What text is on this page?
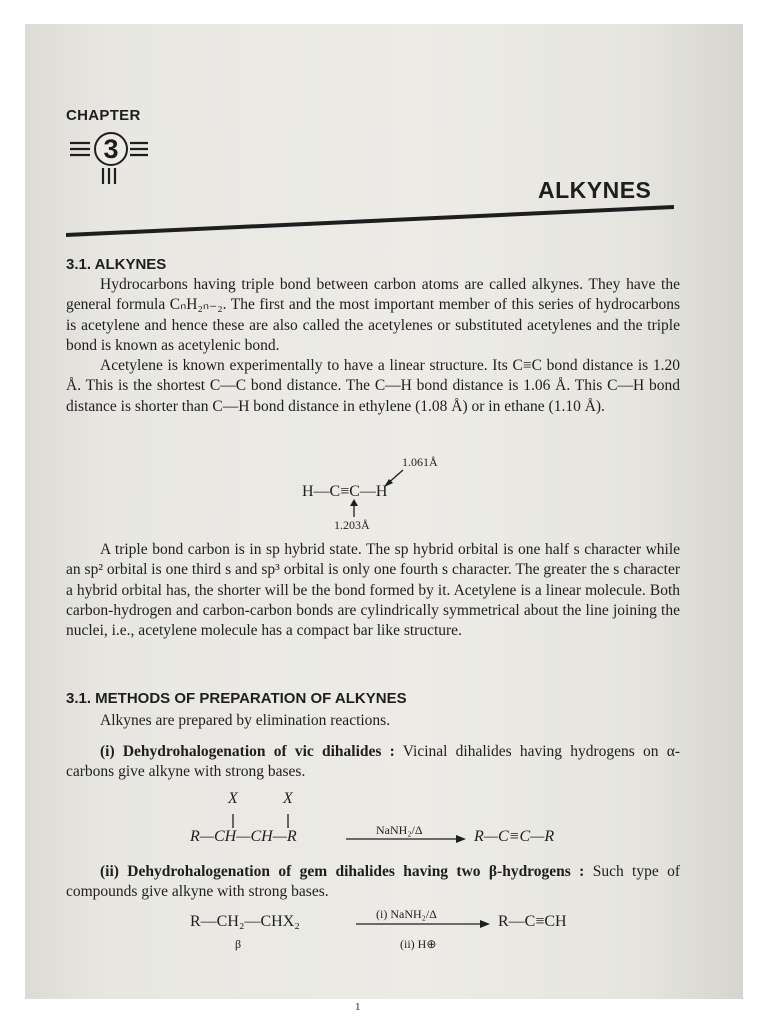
CHAPTER
3
ALKYNES
3.1. ALKYNES

Hydrocarbons having triple bond between carbon atoms are called alkynes. They have the general formula CₙH₂ₙ₋₂. The first and the most important member of this series of hydrocarbons is acetylene and hence these are also called the acetylenes or substituted acetylenes and the triple bond is known as acetylenic bond.

Acetylene is known experimentally to have a linear structure. Its C≡C bond distance is 1.20 Å. This is the shortest C—C bond distance. The C—H bond distance is 1.06 Å. This C—H bond distance is shorter than C—H bond distance in ethylene (1.08 Å) or in ethane (1.10 Å).

1.061Å
H—C≡C—H
1.203Å

A triple bond carbon is in sp hybrid state. The sp hybrid orbital is one half s character while an sp² orbital is one third s and sp³ orbital is only one fourth s character. The greater the s character a hybrid orbital has, the shorter will be the bond formed by it. Acetylene is a linear molecule. Both carbon-hydrogen and carbon-carbon bonds are cylindrically symmetrical about the line joining the nuclei, i.e., acetylene molecule has a compact bar like structure.

3.1. METHODS OF PREPARATION OF ALKYNES

Alkynes are prepared by elimination reactions.

(i) Dehydrohalogenation of vic dihalides : Vicinal dihalides having hydrogens on α-carbons give alkyne with strong bases.

X	X
R—CH—CH—R	NaNH₂/Δ	R—C≡C—R

(ii) Dehydrohalogenation of gem dihalides having two β-hydrogens : Such type of compounds give alkyne with strong bases.

R—CH₂—CHX₂
β
(i) NaNH₂/Δ
(ii) H⊕
R—C≡CH
1
